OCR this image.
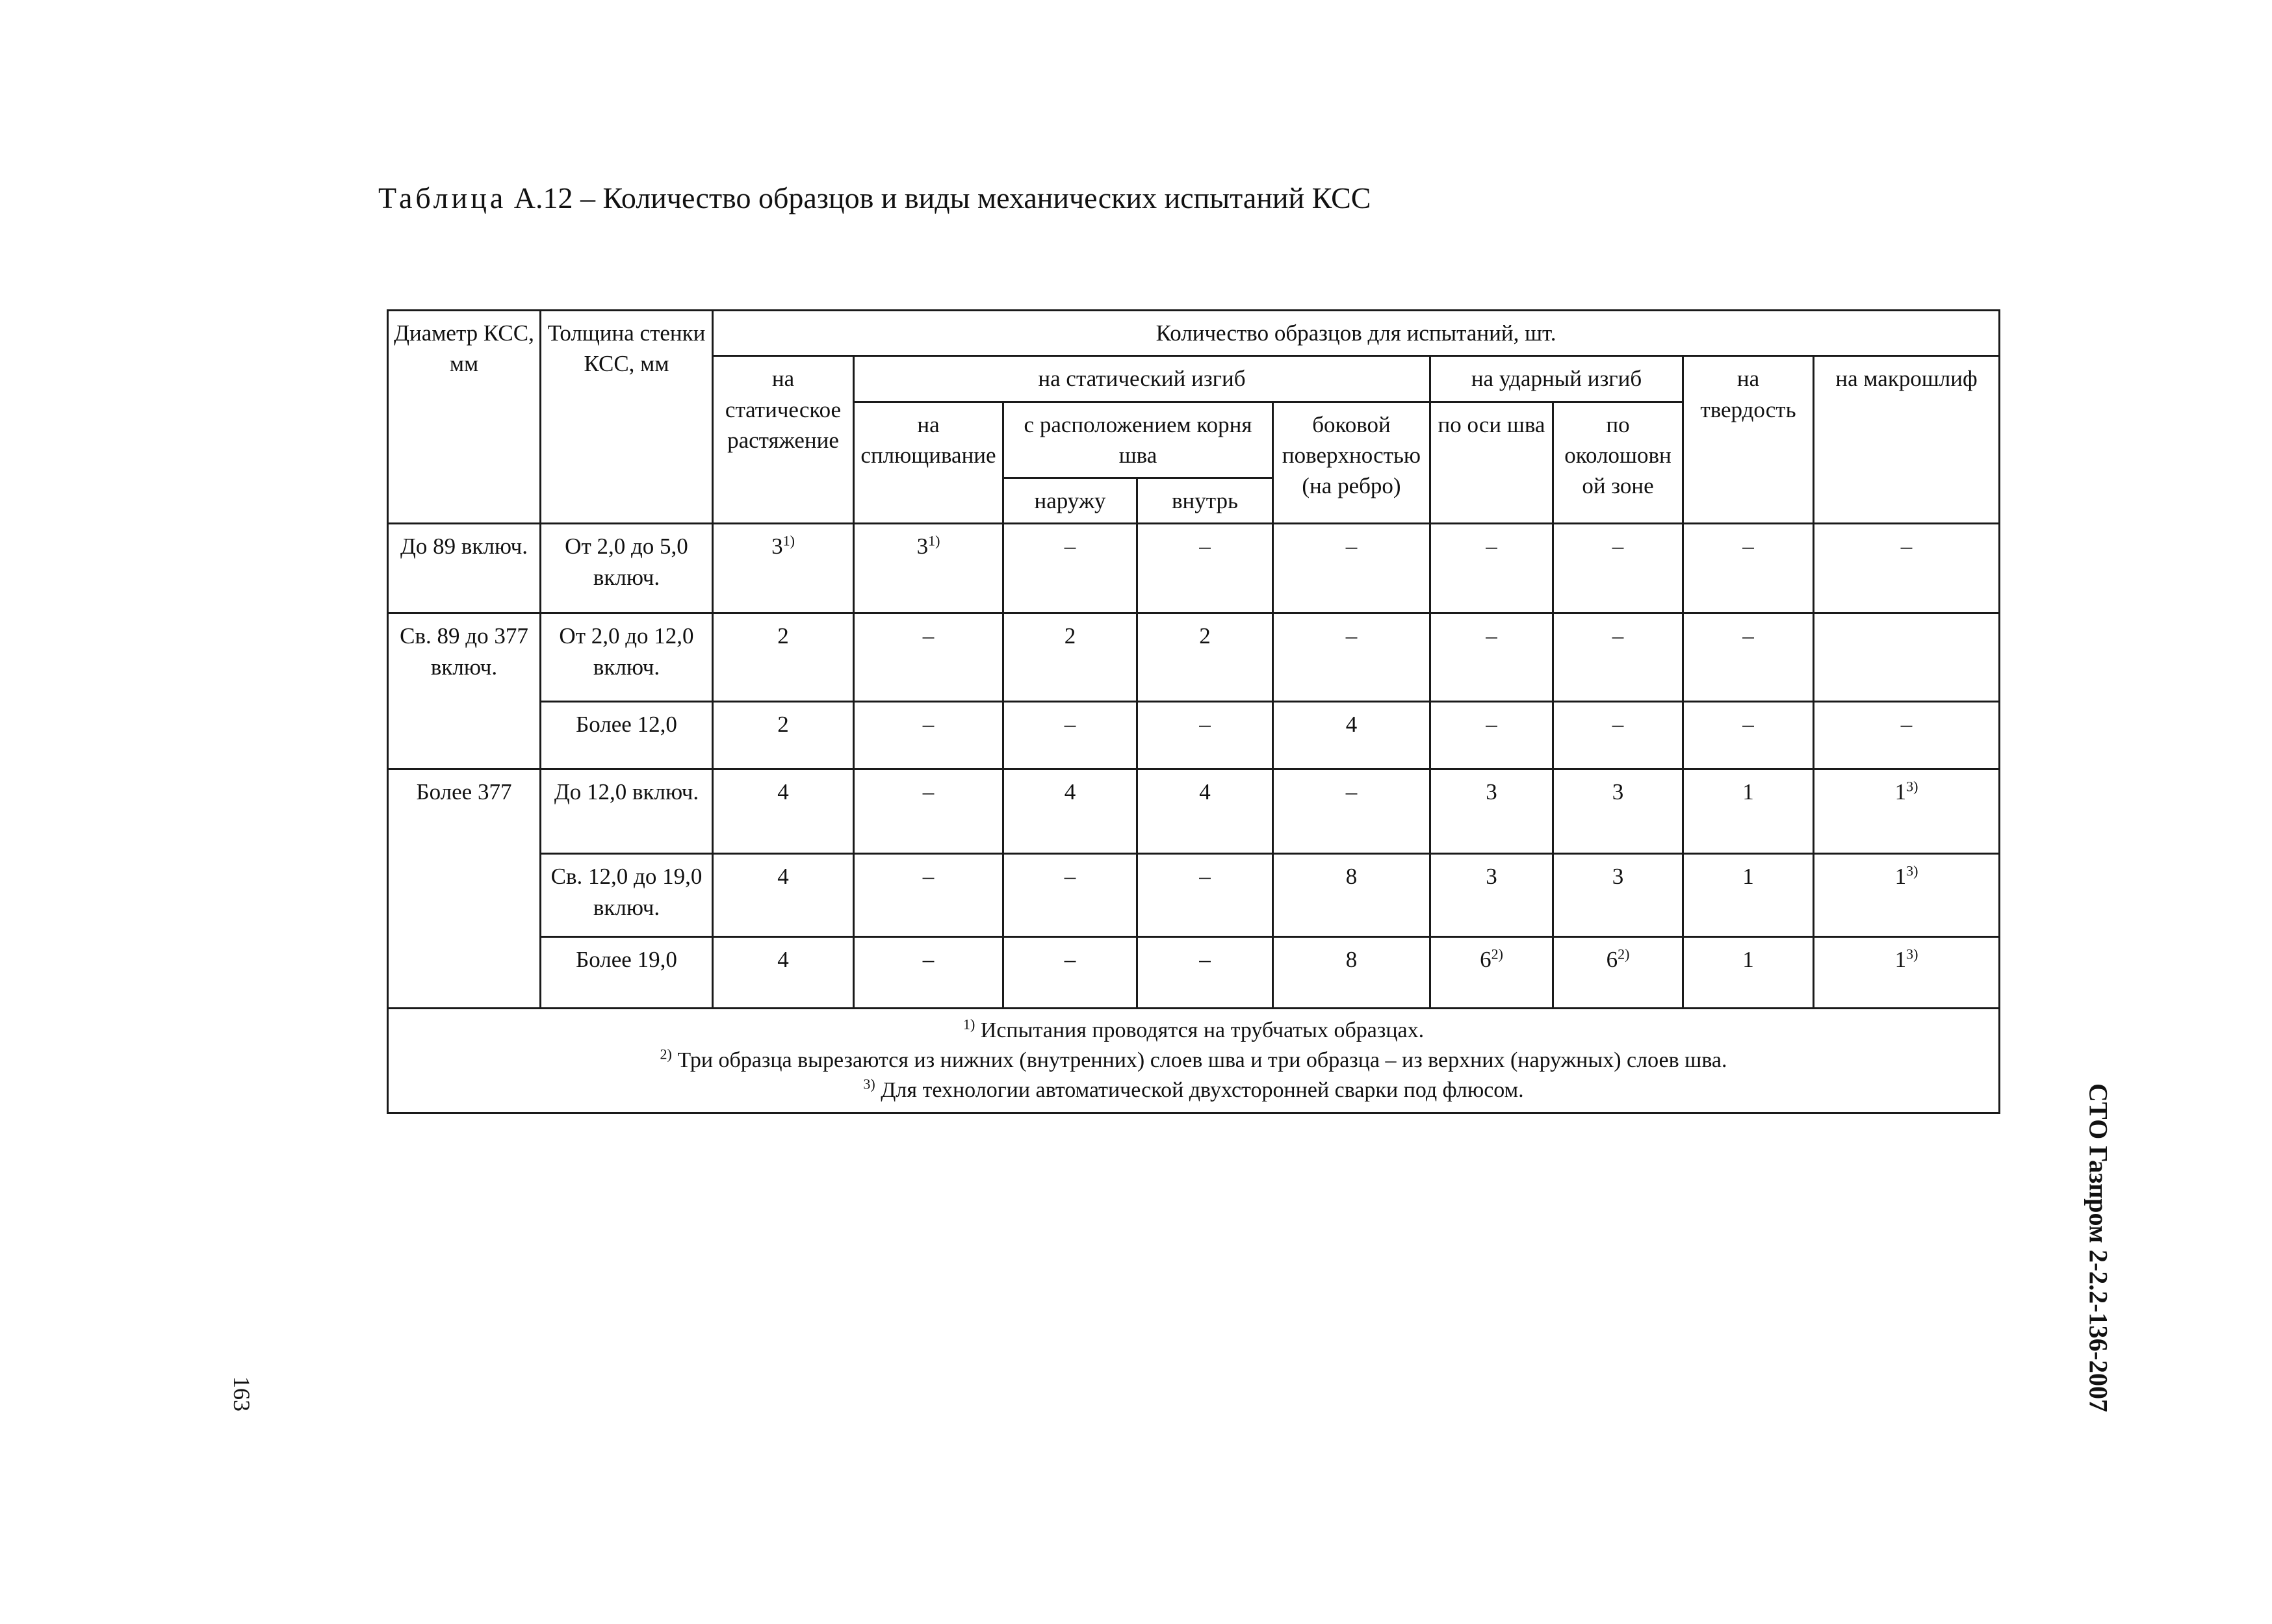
Таблица А.12 – Количество образцов и виды механических испытаний КСС
Диаметр КСС, мм	Толщина стенки КСС, мм	Количество образцов для испытаний, шт.								
		на статическое растяжение	на статический изгиб				на ударный изгиб		на твердость	на макрошлиф
			на сплющивание	с расположением корня шва		боковой поверхностью (на ребро)	по оси шва	по околошовной зоне		
				наружу	внутрь					
До 89 включ.	От 2,0 до 5,0 включ.	3$^{1)}$	3$^{1)}$	–	–	–	–	–	–	–
Св. 89 до 377 включ.	От 2,0 до 12,0 включ.	2	–	2	2	–	–	–	–	
	Более 12,0	2	–	–	–	4	–	–	–	–
Более 377	До 12,0 включ.	4	–	4	4	–	3	3	1	1$^{3)}$
	Св. 12,0 до 19,0 включ.	4	–	–	–	8	3	3	1	1$^{3)}$
	Более 19,0	4	–	–	–	8	6$^{2)}$	6$^{2)}$	1	1$^{3)}$

$^{1)}$ Испытания проводятся на трубчатых образцах.
$^{2)}$ Три образца вырезаются из нижних (внутренних) слоев шва и три образца – из верхних (наружных) слоев шва.
$^{3)}$ Для технологии автоматической двухсторонней сварки под флюсом.											СТО Газпром 2-2.2-136-2007
163
